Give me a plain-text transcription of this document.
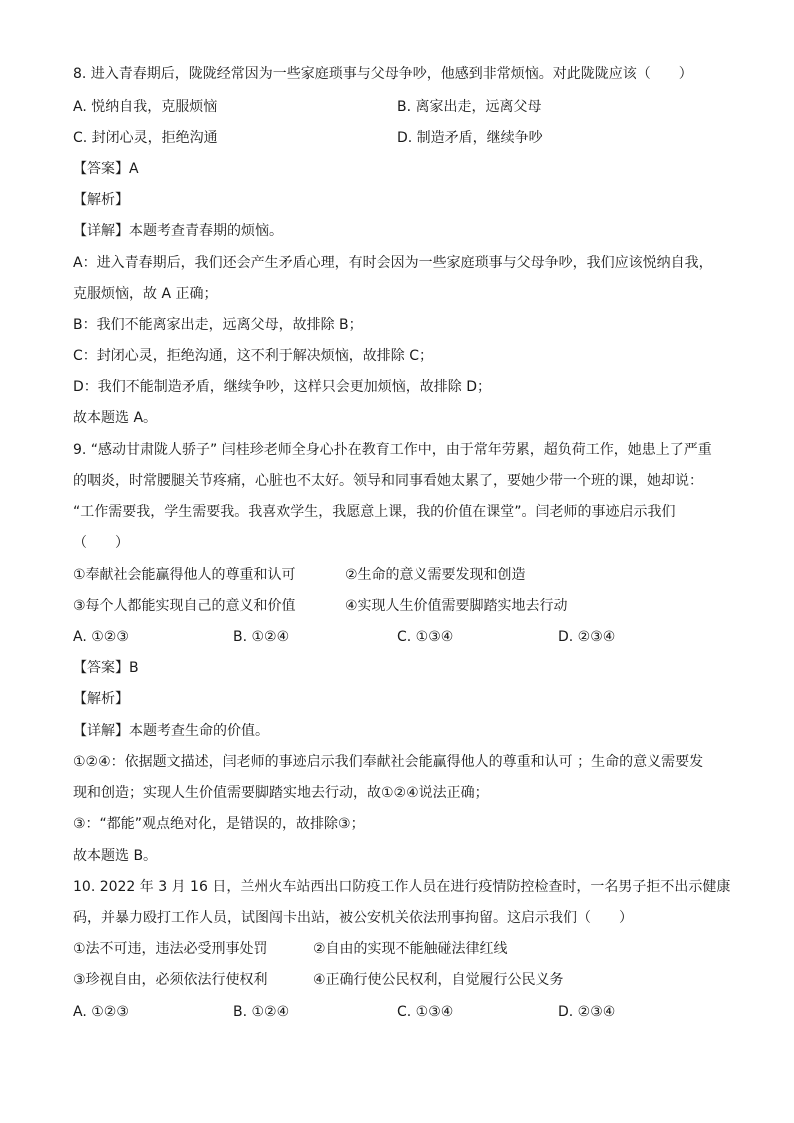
8. 进入青春期后，陇陇经常因为一些家庭琐事与父母争吵，他感到非常烦恼。对此陇陇应该（　　）
A. 悦纳自我，克服烦恼	B. 离家出走，远离父母
C. 封闭心灵，拒绝沟通	D. 制造矛盾，继续争吵
【答案】A
【解析】
【详解】本题考查青春期的烦恼。
A：进入青春期后，我们还会产生矛盾心理，有时会因为一些家庭琐事与父母争吵，我们应该悦纳自我，
克服烦恼，故 A 正确；
B：我们不能离家出走，远离父母，故排除 B；
C：封闭心灵，拒绝沟通，这不利于解决烦恼，故排除 C；
D：我们不能制造矛盾，继续争吵，这样只会更加烦恼，故排除 D；
故本题选 A。
9. “感动甘肃陇人骄子” 闫桂珍老师全身心扑在教育工作中，由于常年劳累，超负荷工作，她患上了严重
的咽炎，时常腰腿关节疼痛，心脏也不太好。领导和同事看她太累了，要她少带一个班的课，她却说：
“工作需要我，学生需要我。我喜欢学生，我愿意上课，我的价值在课堂”。闫老师的事迹启示我们
（　　）
①奉献社会能赢得他人的尊重和认可	②生命的意义需要发现和创造
③每个人都能实现自己的意义和价值	④实现人生价值需要脚踏实地去行动
A. ①②③	B. ①②④	C. ①③④	D. ②③④
【答案】B
【解析】
【详解】本题考查生命的价值。
①②④：依据题文描述，闫老师的事迹启示我们奉献社会能赢得他人的尊重和认可 ；生命的意义需要发
现和创造；实现人生价值需要脚踏实地去行动，故①②④说法正确；
③：“都能”观点绝对化，是错误的，故排除③；
故本题选 B。
10. 2022 年 3 月 16 日，兰州火车站西出口防疫工作人员在进行疫情防控检查时，一名男子拒不出示健康
码，并暴力殴打工作人员，试图闯卡出站，被公安机关依法刑事拘留。这启示我们（　　）
①法不可违，违法必受刑事处罚	②自由的实现不能触碰法律红线
③珍视自由，必须依法行使权利	④正确行使公民权利，自觉履行公民义务
A. ①②③	B. ①②④	C. ①③④	D. ②③④
